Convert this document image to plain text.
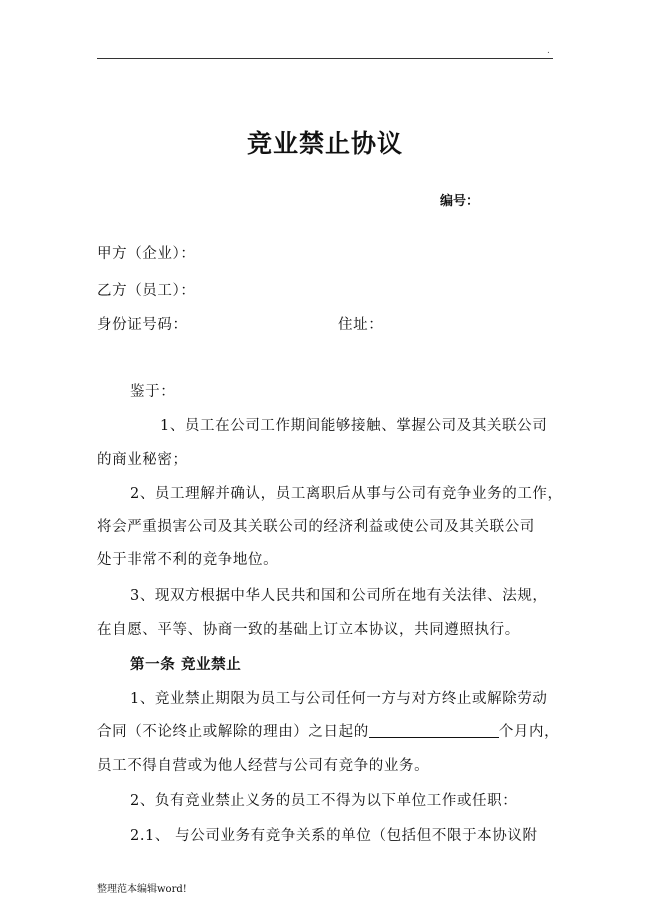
.
竞业禁止协议
编号：
甲方（企业）：
乙方（员工）：
身份证号码：	住址：
鉴于：
1、员工在公司工作期间能够接触、掌握公司及其关联公司
的商业秘密；
2、员工理解并确认，员工离职后从事与公司有竞争业务的工作，
将会严重损害公司及其关联公司的经济利益或使公司及其关联公司
处于非常不利的竞争地位。
3、现双方根据中华人民共和国和公司所在地有关法律、法规，
在自愿、平等、协商一致的基础上订立本协议，共同遵照执行。
第一条 竞业禁止
1、竞业禁止期限为员工与公司任何一方与对方终止或解除劳动
合同（不论终止或解除的理由）之日起的	个月内，
员工不得自营或为他人经营与公司有竞争的业务。
2、负有竞业禁止义务的员工不得为以下单位工作或任职：
2.1、 与公司业务有竞争关系的单位（包括但不限于本协议附
整理范本编辑word!
